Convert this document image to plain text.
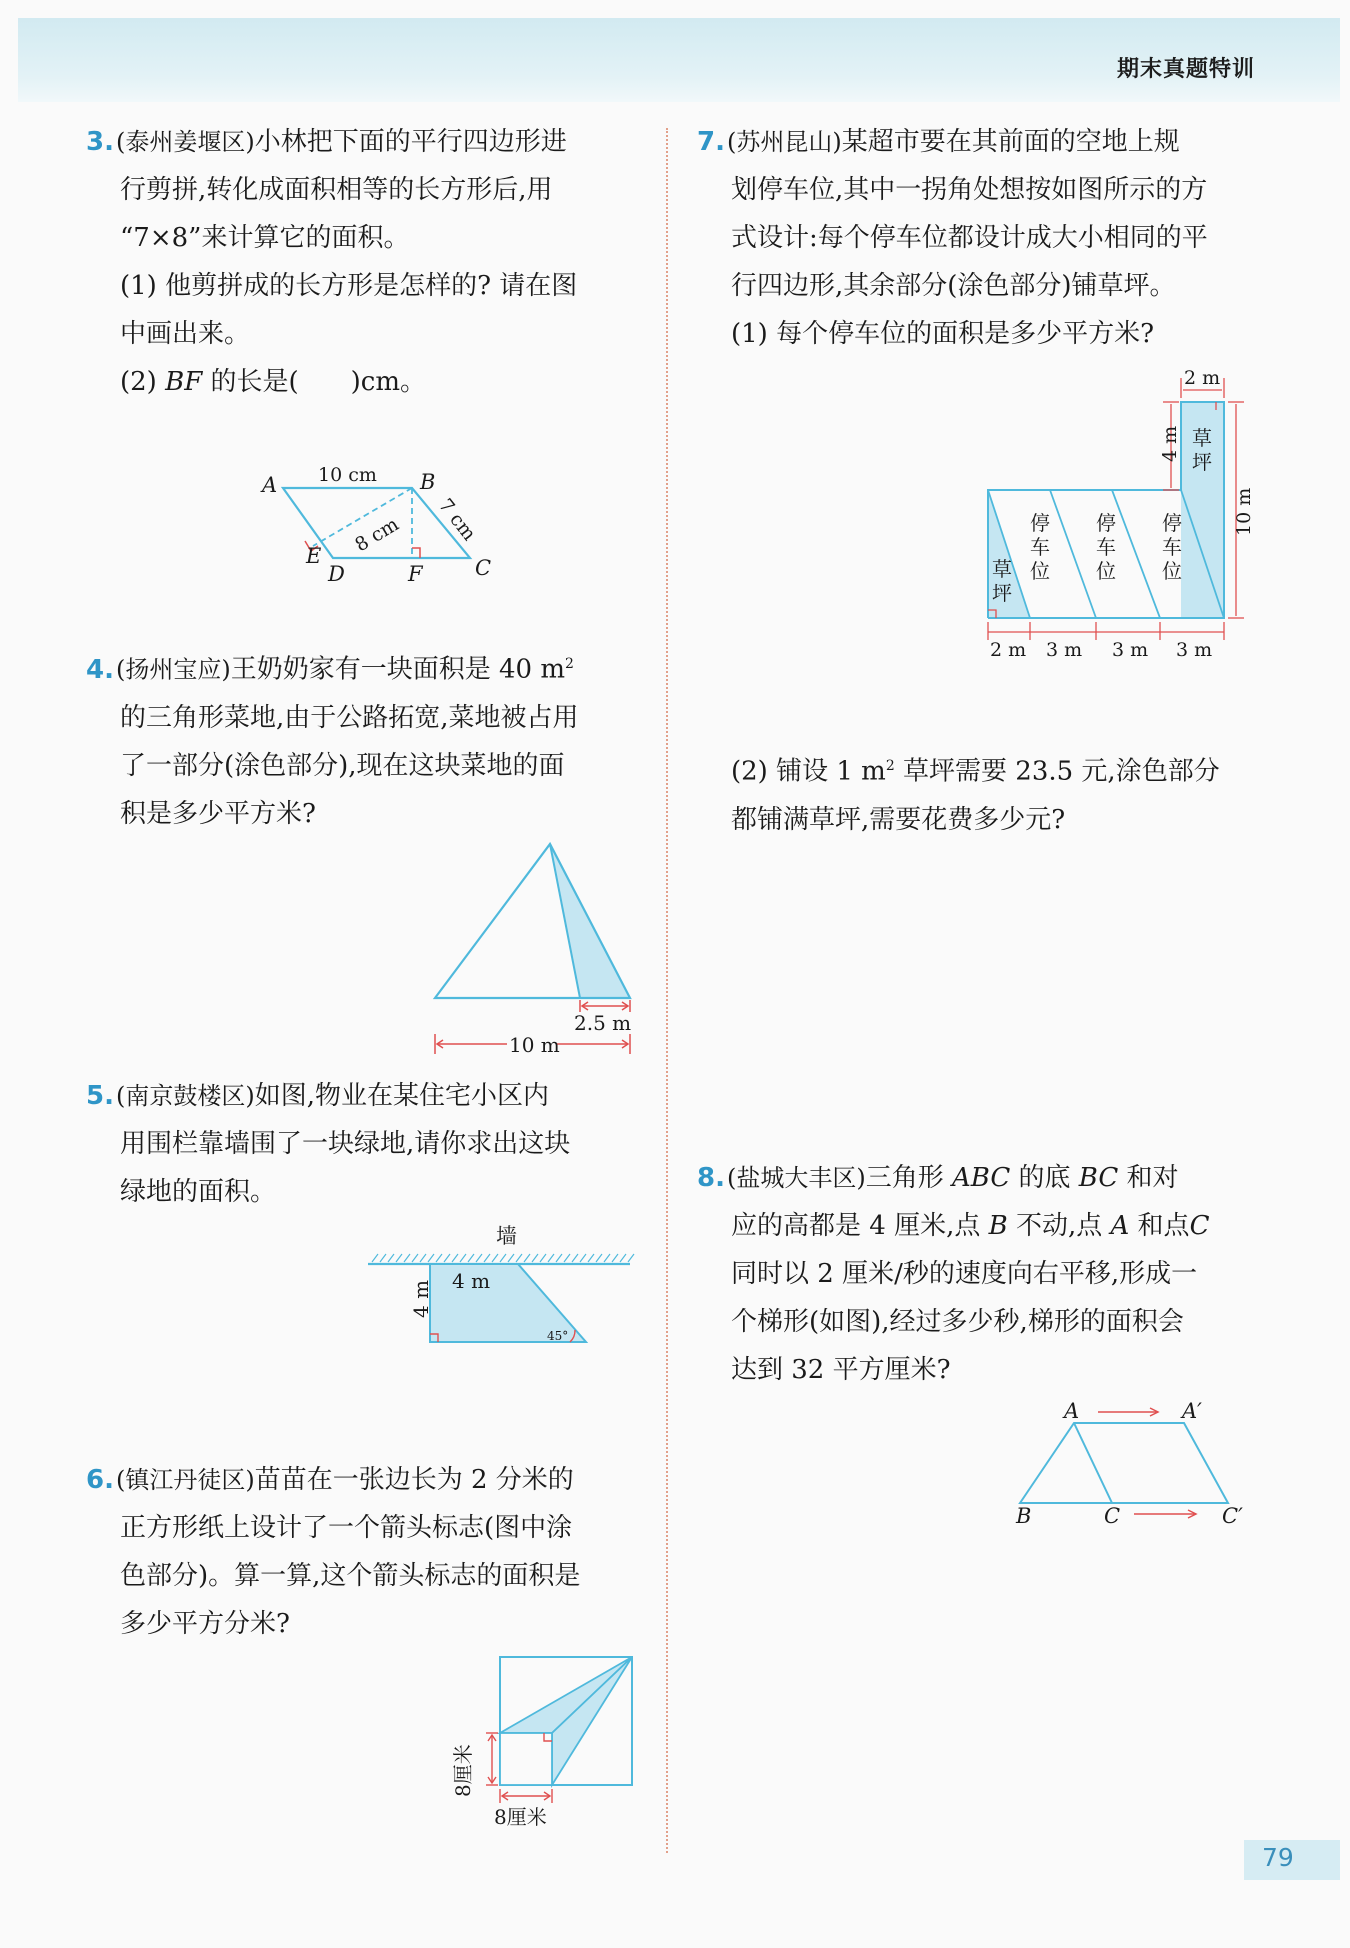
期末真题特训
3.(泰州姜堰区)小林把下面的平行四边形进
行剪拼,转化成面积相等的长方形后,用
“7×8”来计算它的面积。
(1) 他剪拼成的长方形是怎样的? 请在图
中画出来。
(2) BF 的长是(　　)cm。
A	B
C
D
E
F
10 cm
7 cm
8 cm
4.(扬州宝应)王奶奶家有一块面积是 40 $m^2$
的三角形菜地,由于公路拓宽,菜地被占用
了一部分(涂色部分),现在这块菜地的面
积是多少平方米?
2.5 m
10 m
5.(南京鼓楼区)如图,物业在某住宅小区内
用围栏靠墙围了一块绿地,请你求出这块
绿地的面积。
墙
4 m
4 m
45°
6.(镇江丹徒区)苗苗在一张边长为 2 分米的
正方形纸上设计了一个箭头标志(图中涂
色部分)。算一算,这个箭头标志的面积是
多少平方分米?
8厘米
8厘米
7.(苏州昆山)某超市要在其前面的空地上规
划停车位,其中一拐角处想按如图所示的方
式设计:每个停车位都设计成大小相同的平
行四边形,其余部分(涂色部分)铺草坪。
(1) 每个停车位的面积是多少平方米?
2 m
4 m
10 m
2 m 3 m 3 m 3 m
草坪
草坪
停车位
停车位
停车位
(2) 铺设 1 $m^2$ 草坪需要 23.5 元,涂色部分
都铺满草坪,需要花费多少元?
8.(盐城大丰区)三角形 ABC 的底 BC 和对
应的高都是 4 厘米,点 B 不动,点 A 和点C
同时以 2 厘米/秒的速度向右平移,形成一
个梯形(如图),经过多少秒,梯形的面积会
达到 32 平方厘米?
A	A′
B	C	C′
79
